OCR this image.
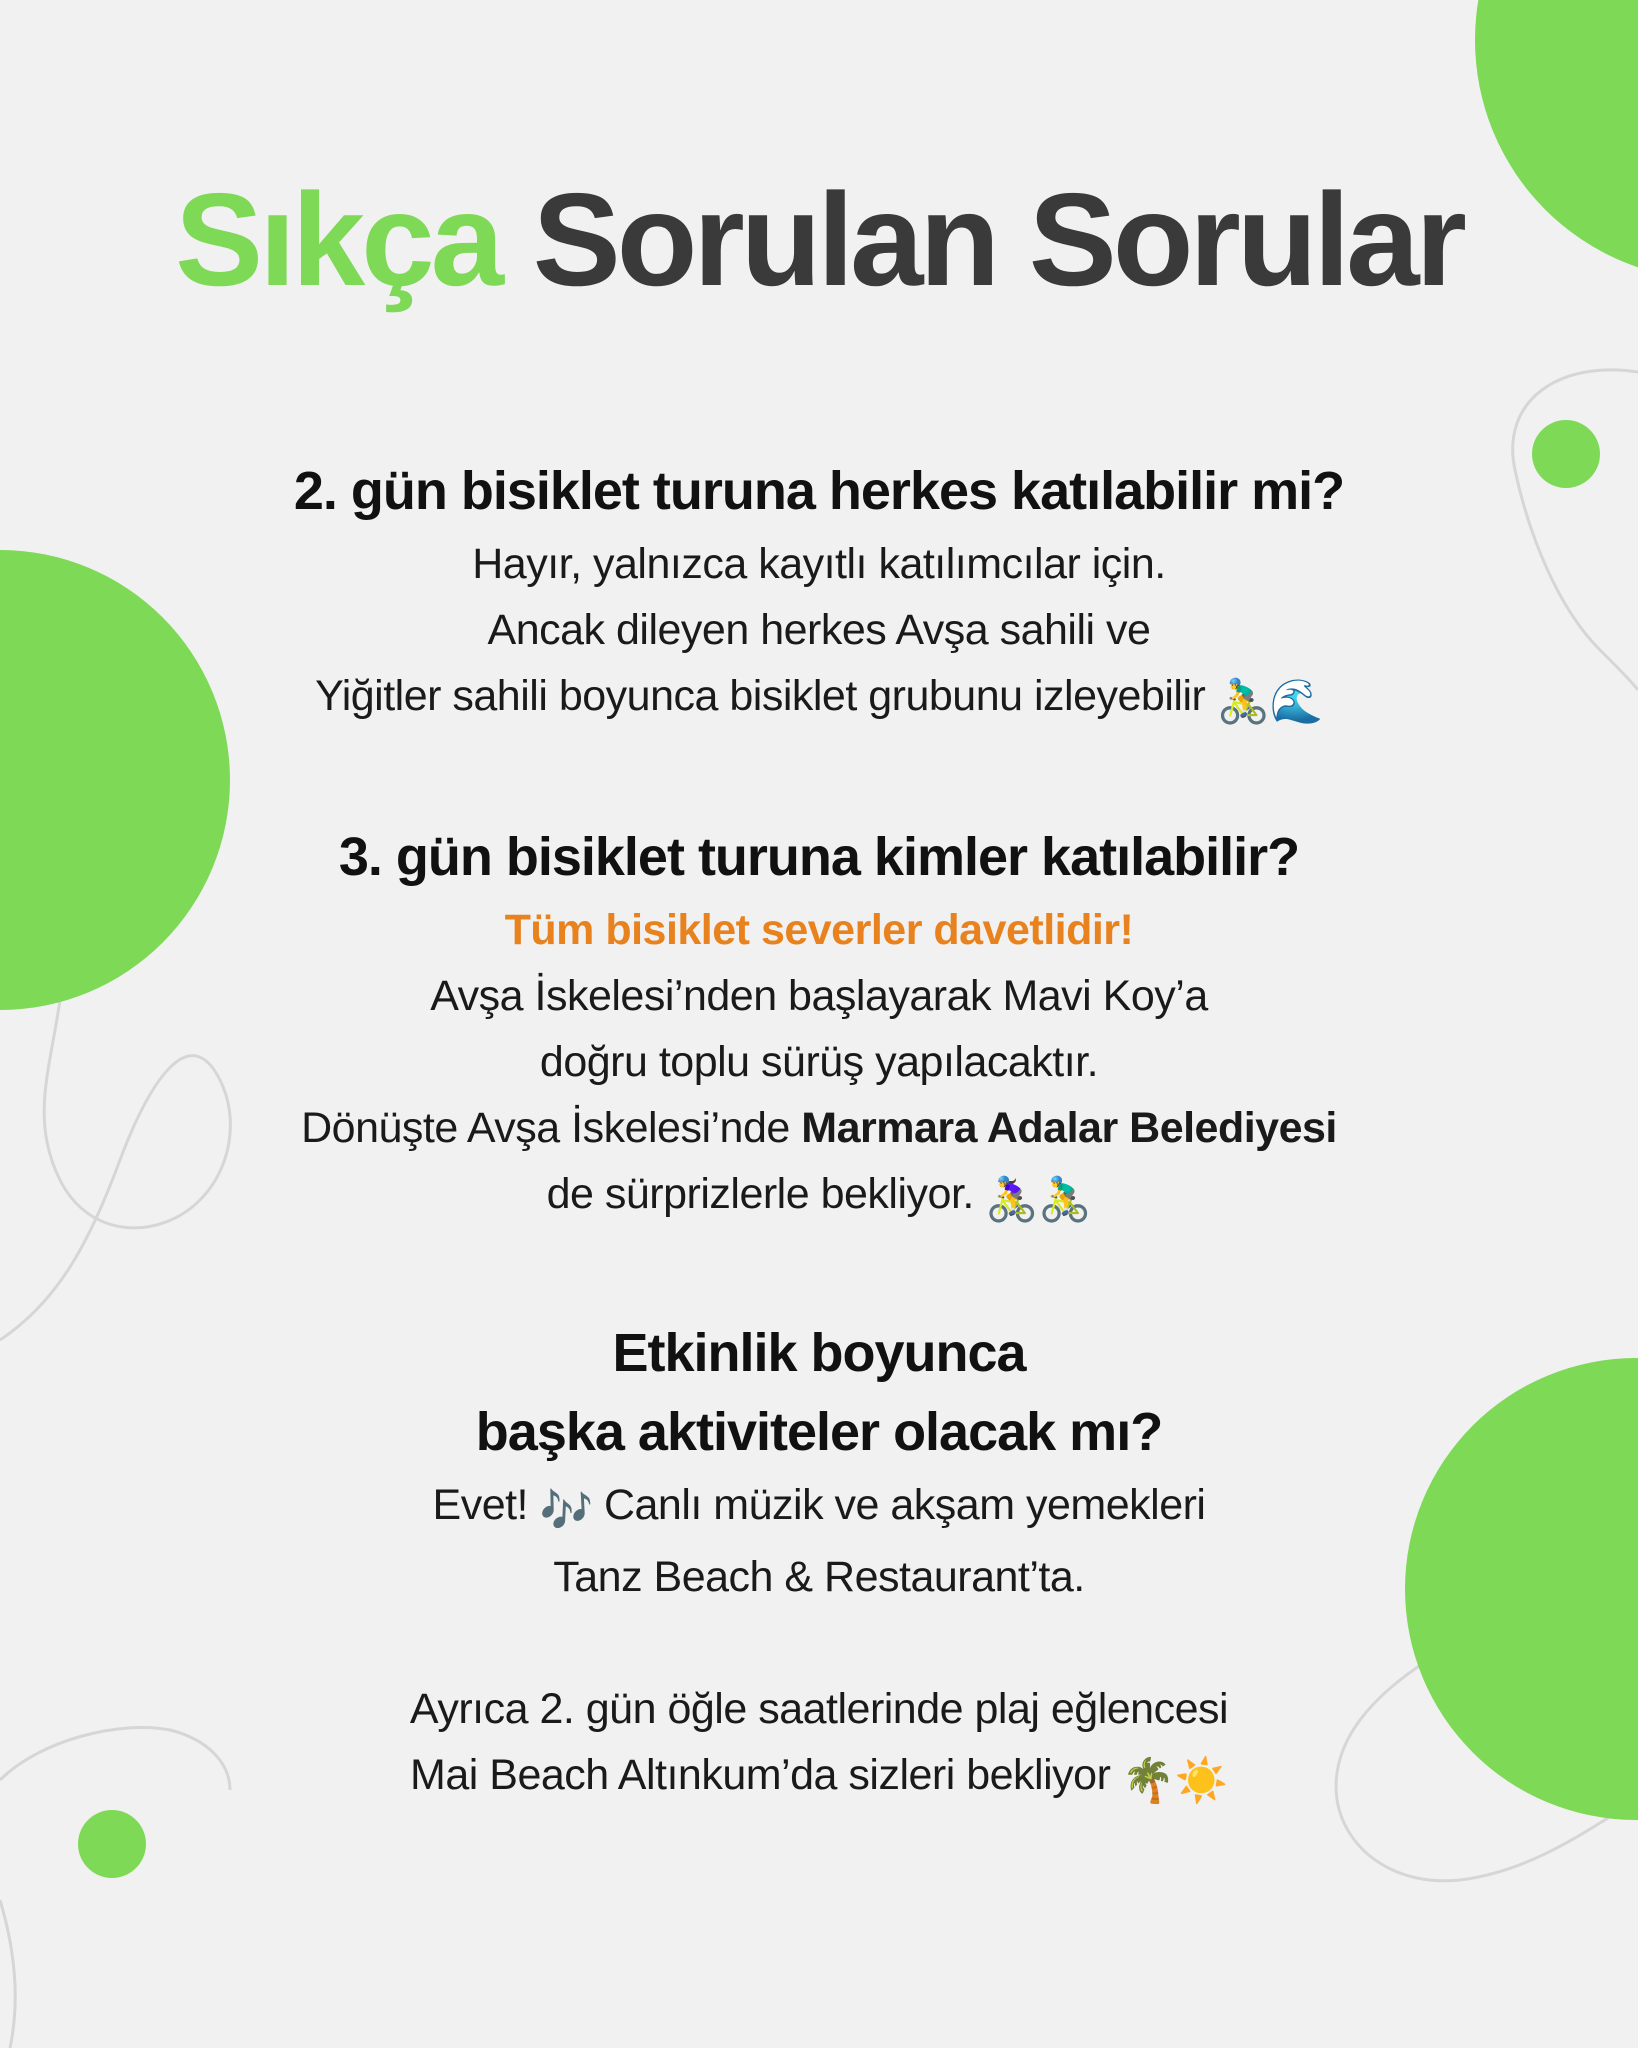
Sıkça Sorulan Sorular
2. gün bisiklet turuna herkes katılabilir mi?
Hayır, yalnızca kayıtlı katılımcılar için.
Ancak dileyen herkes Avşa sahili ve
Yiğitler sahili boyunca bisiklet grubunu izleyebilir 🚴‍♂️🌊
3. gün bisiklet turuna kimler katılabilir?
Tüm bisiklet severler davetlidir!
Avşa İskelesi’nden başlayarak Mavi Koy’a
doğru toplu sürüş yapılacaktır.
Dönüşte Avşa İskelesi’nde Marmara Adalar Belediyesi
de sürprizlerle bekliyor. 🚴‍♀️🚴‍♂️
Etkinlik boyunca
başka aktiviteler olacak mı?
Evet! 🎶 Canlı müzik ve akşam yemekleri
Tanz Beach & Restaurant’ta.
Ayrıca 2. gün öğle saatlerinde plaj eğlencesi
Mai Beach Altınkum’da sizleri bekliyor 🌴☀️
